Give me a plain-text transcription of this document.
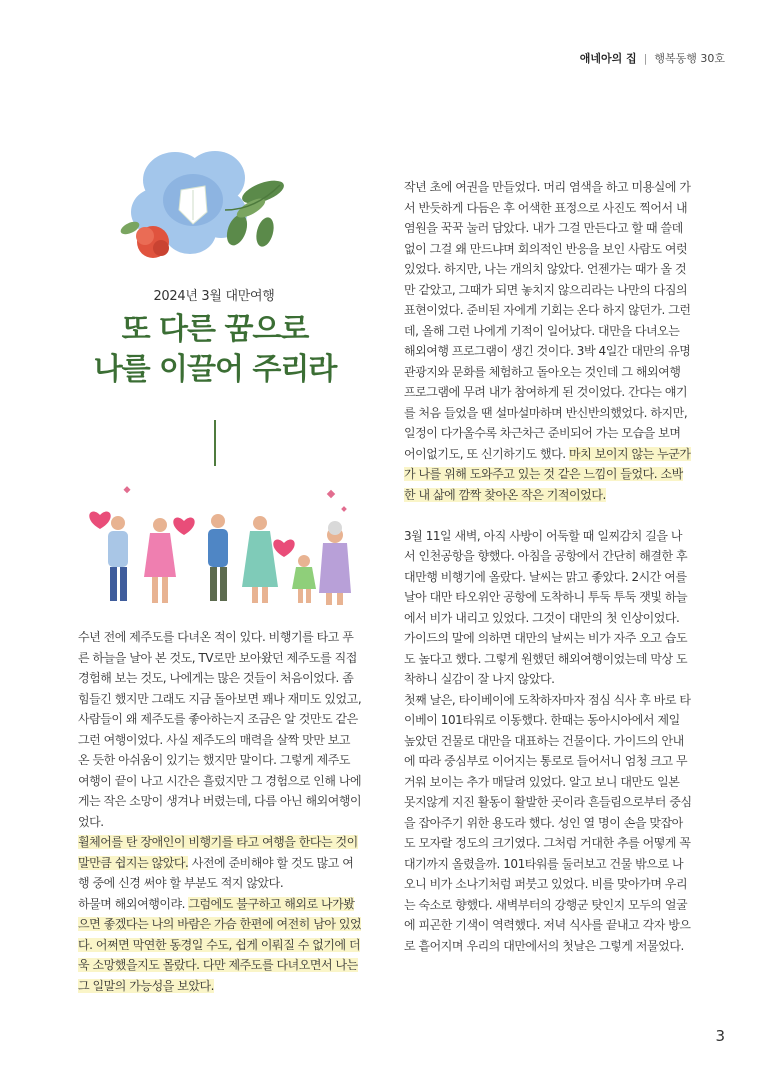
애네아의 집 | 행복동행 30호
2024년 3월 대만여행
또 다른 꿈으로
나를 이끌어 주리라

수년 전에 제주도를 다녀온 적이 있다. 비행기를 타고 푸른 하늘을 날아 본 것도, TV로만 보아왔던 제주도를 직접 경험해 보는 것도, 나에게는 많은 것들이 처음이었다. 좀 힘들긴 했지만 그래도 지금 돌아보면 꽤나 재미도 있었고, 사람들이 왜 제주도를 좋아하는지 조금은 알 것만도 같은 그런 여행이었다. 사실 제주도의 매력을 살짝 맛만 보고 온 듯한 아쉬움이 있기는 했지만 말이다. 그렇게 제주도 여행이 끝이 나고 시간은 흘렀지만 그 경험으로 인해 나에게는 작은 소망이 생겨나 버렸는데, 다름 아닌 해외여행이었다.

휠체어를 탄 장애인이 비행기를 타고 여행을 한다는 것이 말만큼 쉽지는 않았다. 사전에 준비해야 할 것도 많고 여행 중에 신경 써야 할 부분도 적지 않았다.

하물며 해외여행이랴. 그럼에도 불구하고 해외로 나가봤으면 좋겠다는 나의 바람은 가슴 한편에 여전히 남아 있었다. 어쩌면 막연한 동경일 수도, 쉽게 이뤄질 수 없기에 더욱 소망했을지도 몰랐다. 다만 제주도를 다녀오면서 나는 그 일말의 가능성을 보았다.

작년 초에 여권을 만들었다. 머리 염색을 하고 미용실에 가서 반듯하게 다듬은 후 어색한 표정으로 사진도 찍어서 내 염원을 꾹꾹 눌러 담았다. 내가 그걸 만든다고 할 때 쓸데없이 그걸 왜 만드냐며 회의적인 반응을 보인 사람도 여럿 있었다. 하지만, 나는 개의치 않았다. 언젠가는 때가 올 것만 같았고, 그때가 되면 놓치지 않으리라는 나만의 다짐의 표현이었다. 준비된 자에게 기회는 온다 하지 않던가. 그런데, 올해 그런 나에게 기적이 일어났다. 대만을 다녀오는 해외여행 프로그램이 생긴 것이다. 3박 4일간 대만의 유명 관광지와 문화를 체험하고 돌아오는 것인데 그 해외여행 프로그램에 무려 내가 참여하게 된 것이었다. 간다는 얘기를 처음 들었을 땐 설마설마하며 반신반의했었다. 하지만, 일정이 다가올수록 차근차근 준비되어 가는 모습을 보며 어이없기도, 또 신기하기도 했다. 마치 보이지 않는 누군가가 나를 위해 도와주고 있는 것 같은 느낌이 들었다. 소박한 내 삶에 깜짝 찾아온 작은 기적이었다.

3월 11일 새벽, 아직 사방이 어둑할 때 일찌감치 길을 나서 인천공항을 향했다. 아침을 공항에서 간단히 해결한 후 대만행 비행기에 올랐다. 날씨는 맑고 좋았다. 2시간 여를 날아 대만 타오위안 공항에 도착하니 투둑 투둑 잿빛 하늘에서 비가 내리고 있었다. 그것이 대만의 첫 인상이었다. 가이드의 말에 의하면 대만의 날씨는 비가 자주 오고 습도도 높다고 했다. 그렇게 원했던 해외여행이었는데 막상 도착하니 실감이 잘 나지 않았다.

첫째 날은, 타이베이에 도착하자마자 점심 식사 후 바로 타이베이 101타워로 이동했다. 한때는 동아시아에서 제일 높았던 건물로 대만을 대표하는 건물이다. 가이드의 안내에 따라 중심부로 이어지는 통로로 들어서니 엄청 크고 무거워 보이는 추가 매달려 있었다. 알고 보니 대만도 일본 못지않게 지진 활동이 활발한 곳이라 흔들림으로부터 중심을 잡아주기 위한 용도라 했다. 성인 열 명이 손을 맞잡아도 모자랄 정도의 크기였다. 그처럼 거대한 추를 어떻게 꼭대기까지 올렸을까. 101타워를 둘러보고 건물 밖으로 나오니 비가 소나기처럼 퍼붓고 있었다. 비를 맞아가며 우리는 숙소로 향했다. 새벽부터의 강행군 탓인지 모두의 얼굴에 피곤한 기색이 역력했다. 저녁 식사를 끝내고 각자 방으로 흩어지며 우리의 대만에서의 첫날은 그렇게 저물었다.

3
